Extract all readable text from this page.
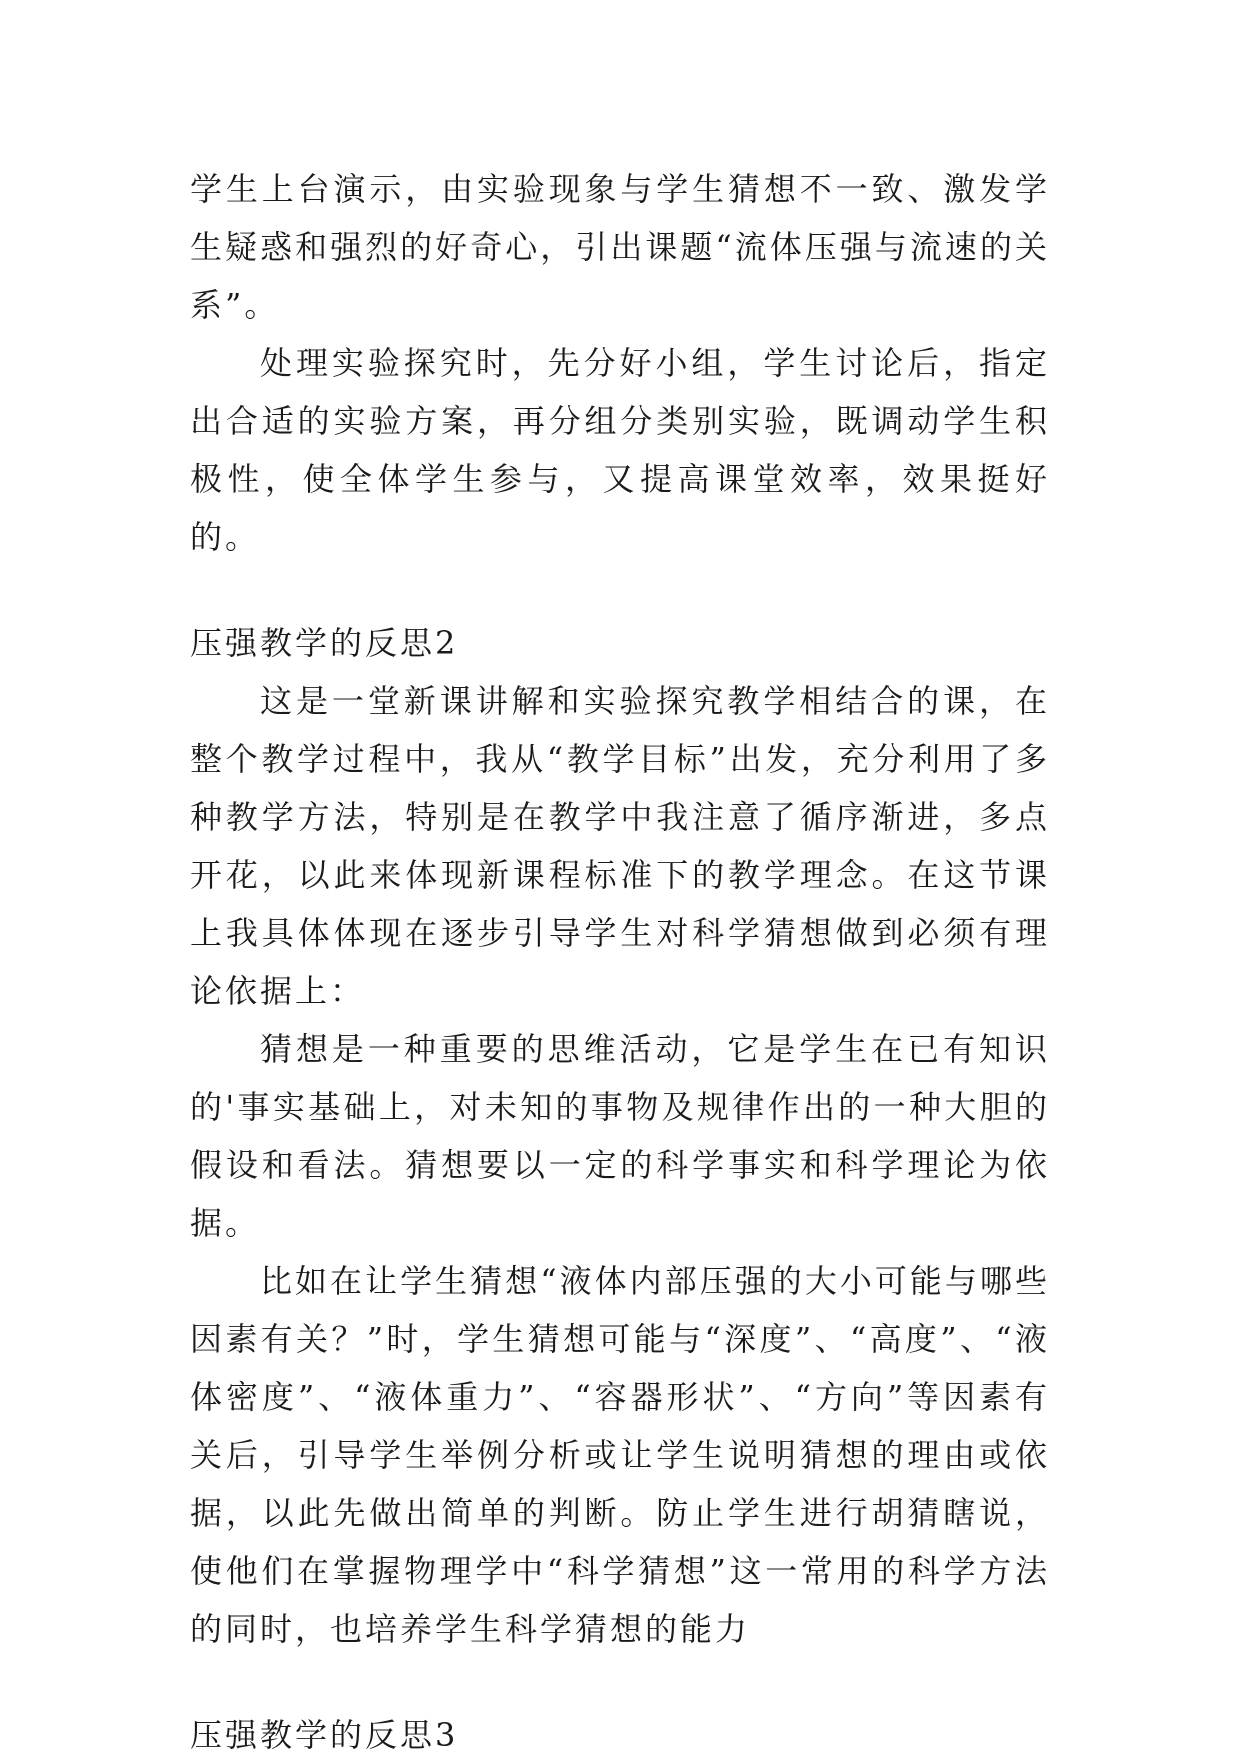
学生上台演示，由实验现象与学生猜想不一致、激发学生疑惑和强烈的好奇心，引出课题“流体压强与流速的关系”。

处理实验探究时，先分好小组，学生讨论后，指定出合适的实验方案，再分组分类别实验，既调动学生积极性，使全体学生参与，又提高课堂效率，效果挺好的。

压强教学的反思2

这是一堂新课讲解和实验探究教学相结合的课，在整个教学过程中，我从“教学目标”出发，充分利用了多种教学方法，特别是在教学中我注意了循序渐进，多点开花，以此来体现新课程标准下的教学理念。在这节课上我具体体现在逐步引导学生对科学猜想做到必须有理论依据上：

猜想是一种重要的思维活动，它是学生在已有知识的'事实基础上，对未知的事物及规律作出的一种大胆的假设和看法。猜想要以一定的科学事实和科学理论为依据。

比如在让学生猜想“液体内部压强的大小可能与哪些因素有关？”时，学生猜想可能与“深度”、“高度”、“液体密度”、“液体重力”、“容器形状”、“方向”等因素有关后，引导学生举例分析或让学生说明猜想的理由或依据，以此先做出简单的判断。防止学生进行胡猜瞎说，使他们在掌握物理学中“科学猜想”这一常用的科学方法的同时，也培养学生科学猜想的能力

压强教学的反思3
